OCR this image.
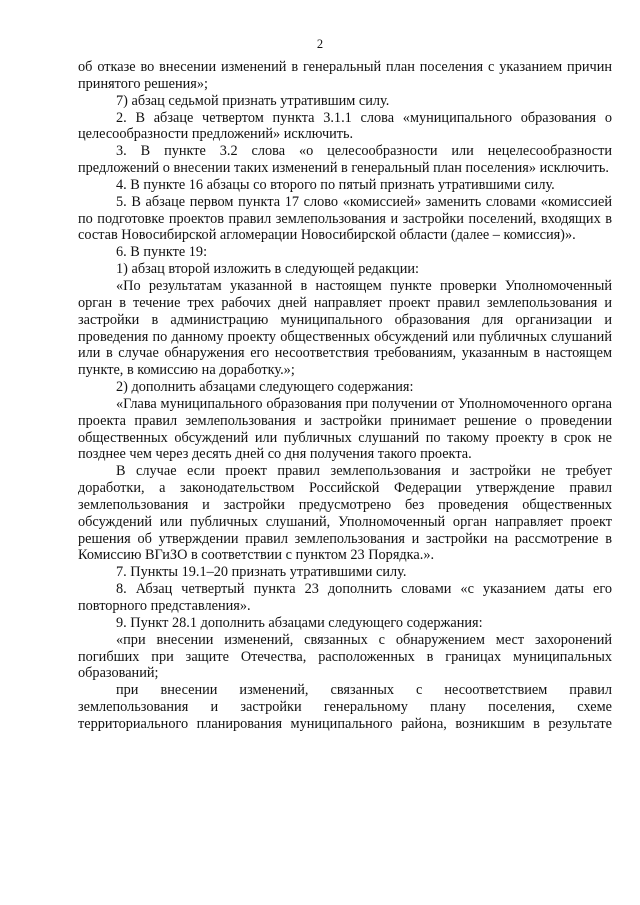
2

об отказе во внесении изменений в генеральный план поселения с указанием причин принятого решения»;

7) абзац седьмой признать утратившим силу.

2. В абзаце четвертом пункта 3.1.1 слова «муниципального образования о целесообразности предложений» исключить.

3. В пункте 3.2 слова «о целесообразности или нецелесообразности предложений о внесении таких изменений в генеральный план поселения» исключить.

4. В пункте 16 абзацы со второго по пятый признать утратившими силу.

5. В абзаце первом пункта 17 слово «комиссией» заменить словами «комиссией по подготовке проектов правил землепользования и застройки поселений, входящих в состав Новосибирской агломерации Новосибирской области (далее – комиссия)».

6. В пункте 19:

1) абзац второй изложить в следующей редакции:

«По результатам указанной в настоящем пункте проверки Уполномоченный орган в течение трех рабочих дней направляет проект правил землепользования и застройки в администрацию муниципального образования для организации и проведения по данному проекту общественных обсуждений или публичных слушаний или в случае обнаружения его несоответствия требованиям, указанным в настоящем пункте, в комиссию на доработку.»;

2) дополнить абзацами следующего содержания:

«Глава муниципального образования при получении от Уполномоченного органа проекта правил землепользования и застройки принимает решение о проведении общественных обсуждений или публичных слушаний по такому проекту в срок не позднее чем через десять дней со дня получения такого проекта.

В случае если проект правил землепользования и застройки не требует доработки, а законодательством Российской Федерации утверждение правил землепользования и застройки предусмотрено без проведения общественных обсуждений или публичных слушаний, Уполномоченный орган направляет проект решения об утверждении правил землепользования и застройки на рассмотрение в Комиссию ВГиЗО в соответствии с пунктом 23 Порядка.».

7. Пункты 19.1–20 признать утратившими силу.

8. Абзац четвертый пункта 23 дополнить словами «с указанием даты его повторного представления».

9. Пункт 28.1 дополнить абзацами следующего содержания:

«при внесении изменений, связанных с обнаружением мест захоронений погибших при защите Отечества, расположенных в границах муниципальных образований;

при внесении изменений, связанных с несоответствием правил землепользования и застройки генеральному плану поселения, схеме территориального планирования муниципального района, возникшим в результате
